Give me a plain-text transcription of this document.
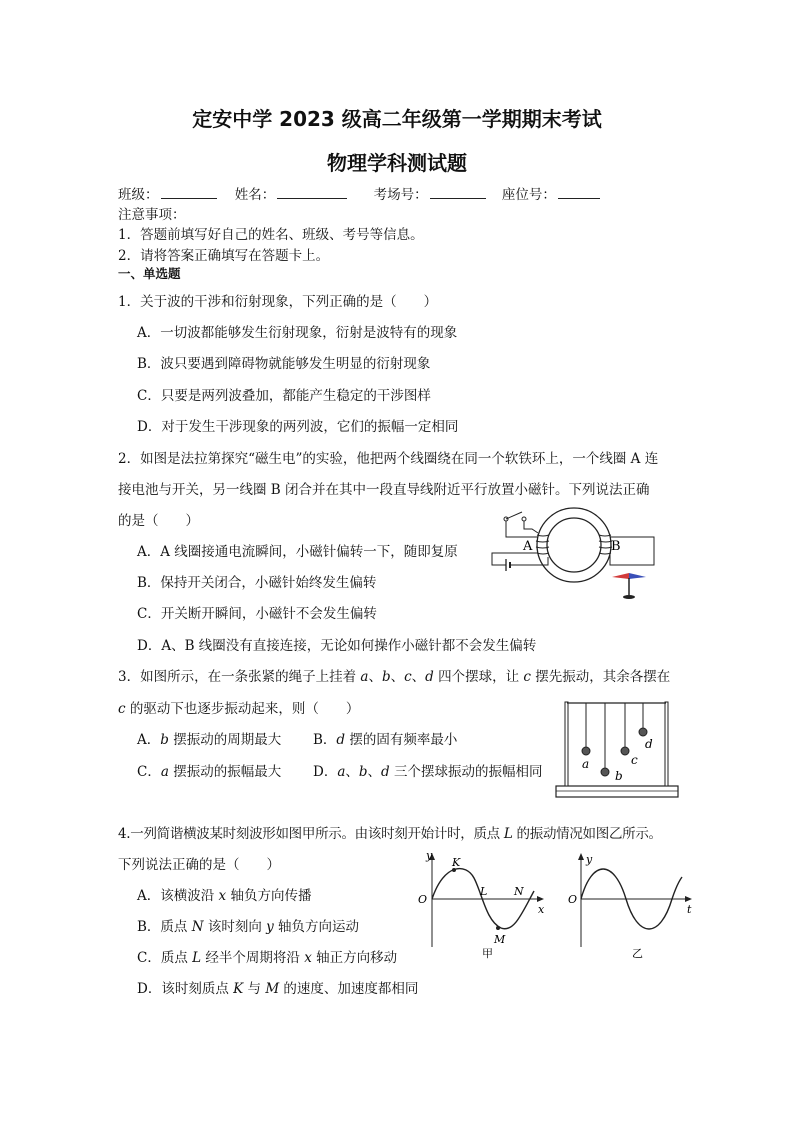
定安中学 2023 级高二年级第一学期期末考试
物理学科测试题
班级：	姓名：	考场号：	座位号：
注意事项：
1．答题前填写好自己的姓名、班级、考号等信息。
2．请将答案正确填写在答题卡上。
一、单选题
1．关于波的干涉和衍射现象，下列正确的是（　　）
A．一切波都能够发生衍射现象，衍射是波特有的现象
B．波只要遇到障碍物就能够发生明显的衍射现象
C．只要是两列波叠加，都能产生稳定的干涉图样
D．对于发生干涉现象的两列波，它们的振幅一定相同
2．如图是法拉第探究“磁生电”的实验，他把两个线圈绕在同一个软铁环上，一个线圈 A 连
接电池与开关，另一线圈 B 闭合并在其中一段直导线附近平行放置小磁针。下列说法正确
的是（　　）
A．A 线圈接通电流瞬间，小磁针偏转一下，随即复原
B．保持开关闭合，小磁针始终发生偏转
C．开关断开瞬间，小磁针不会发生偏转
D．A、B 线圈没有直接连接，无论如何操作小磁针都不会发生偏转
A	B
3．如图所示，在一条张紧的绳子上挂着 a、b、c、d 四个摆球，让 c 摆先振动，其余各摆在
c 的驱动下也逐步振动起来，则（　　）
A．b 摆振动的周期最大 B．d 摆的固有频率最小
C．a 摆振动的振幅最大 D．a、b、d 三个摆球振动的振幅相同	a
b
c
d
4.一列简谐横波某时刻波形如图甲所示。由该时刻开始计时，质点 L 的振动情况如图乙所示。
下列说法正确的是（　　）
A．该横波沿 x 轴负方向传播
B．质点 N 该时刻向 y 轴负方向运动
C．质点 L 经半个周期将沿 x 轴正方向移动
D．该时刻质点 K 与 M 的速度、加速度都相同
y
x
O
K
L N
M
甲
y
t
O
乙
